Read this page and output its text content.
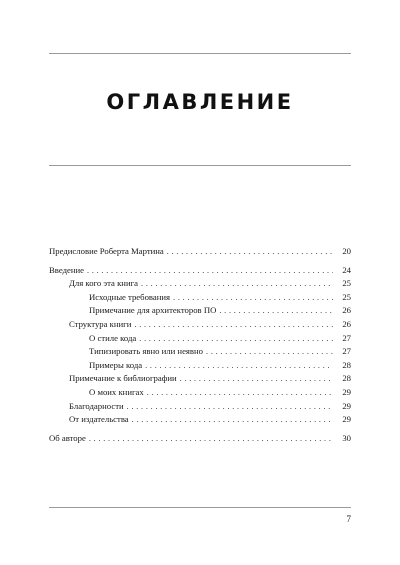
ОГЛАВЛЕНИЕ
Предисловие Роберта Мартина . . .	20
Введение . . .	24
Для кого эта книга . . .	25
Исходные требования . . .	25
Примечание для архитекторов ПО . . .	26
Структура книги . . .	26
О стиле кода . . .	27
Типизировать явно или неявно . . .	27
Примеры кода . . .	28
Примечание к библиографии . . .	28
О моих книгах . . .	29
Благодарности . . .	29
От издательства . . .	29
Об авторе . . .	30
7
